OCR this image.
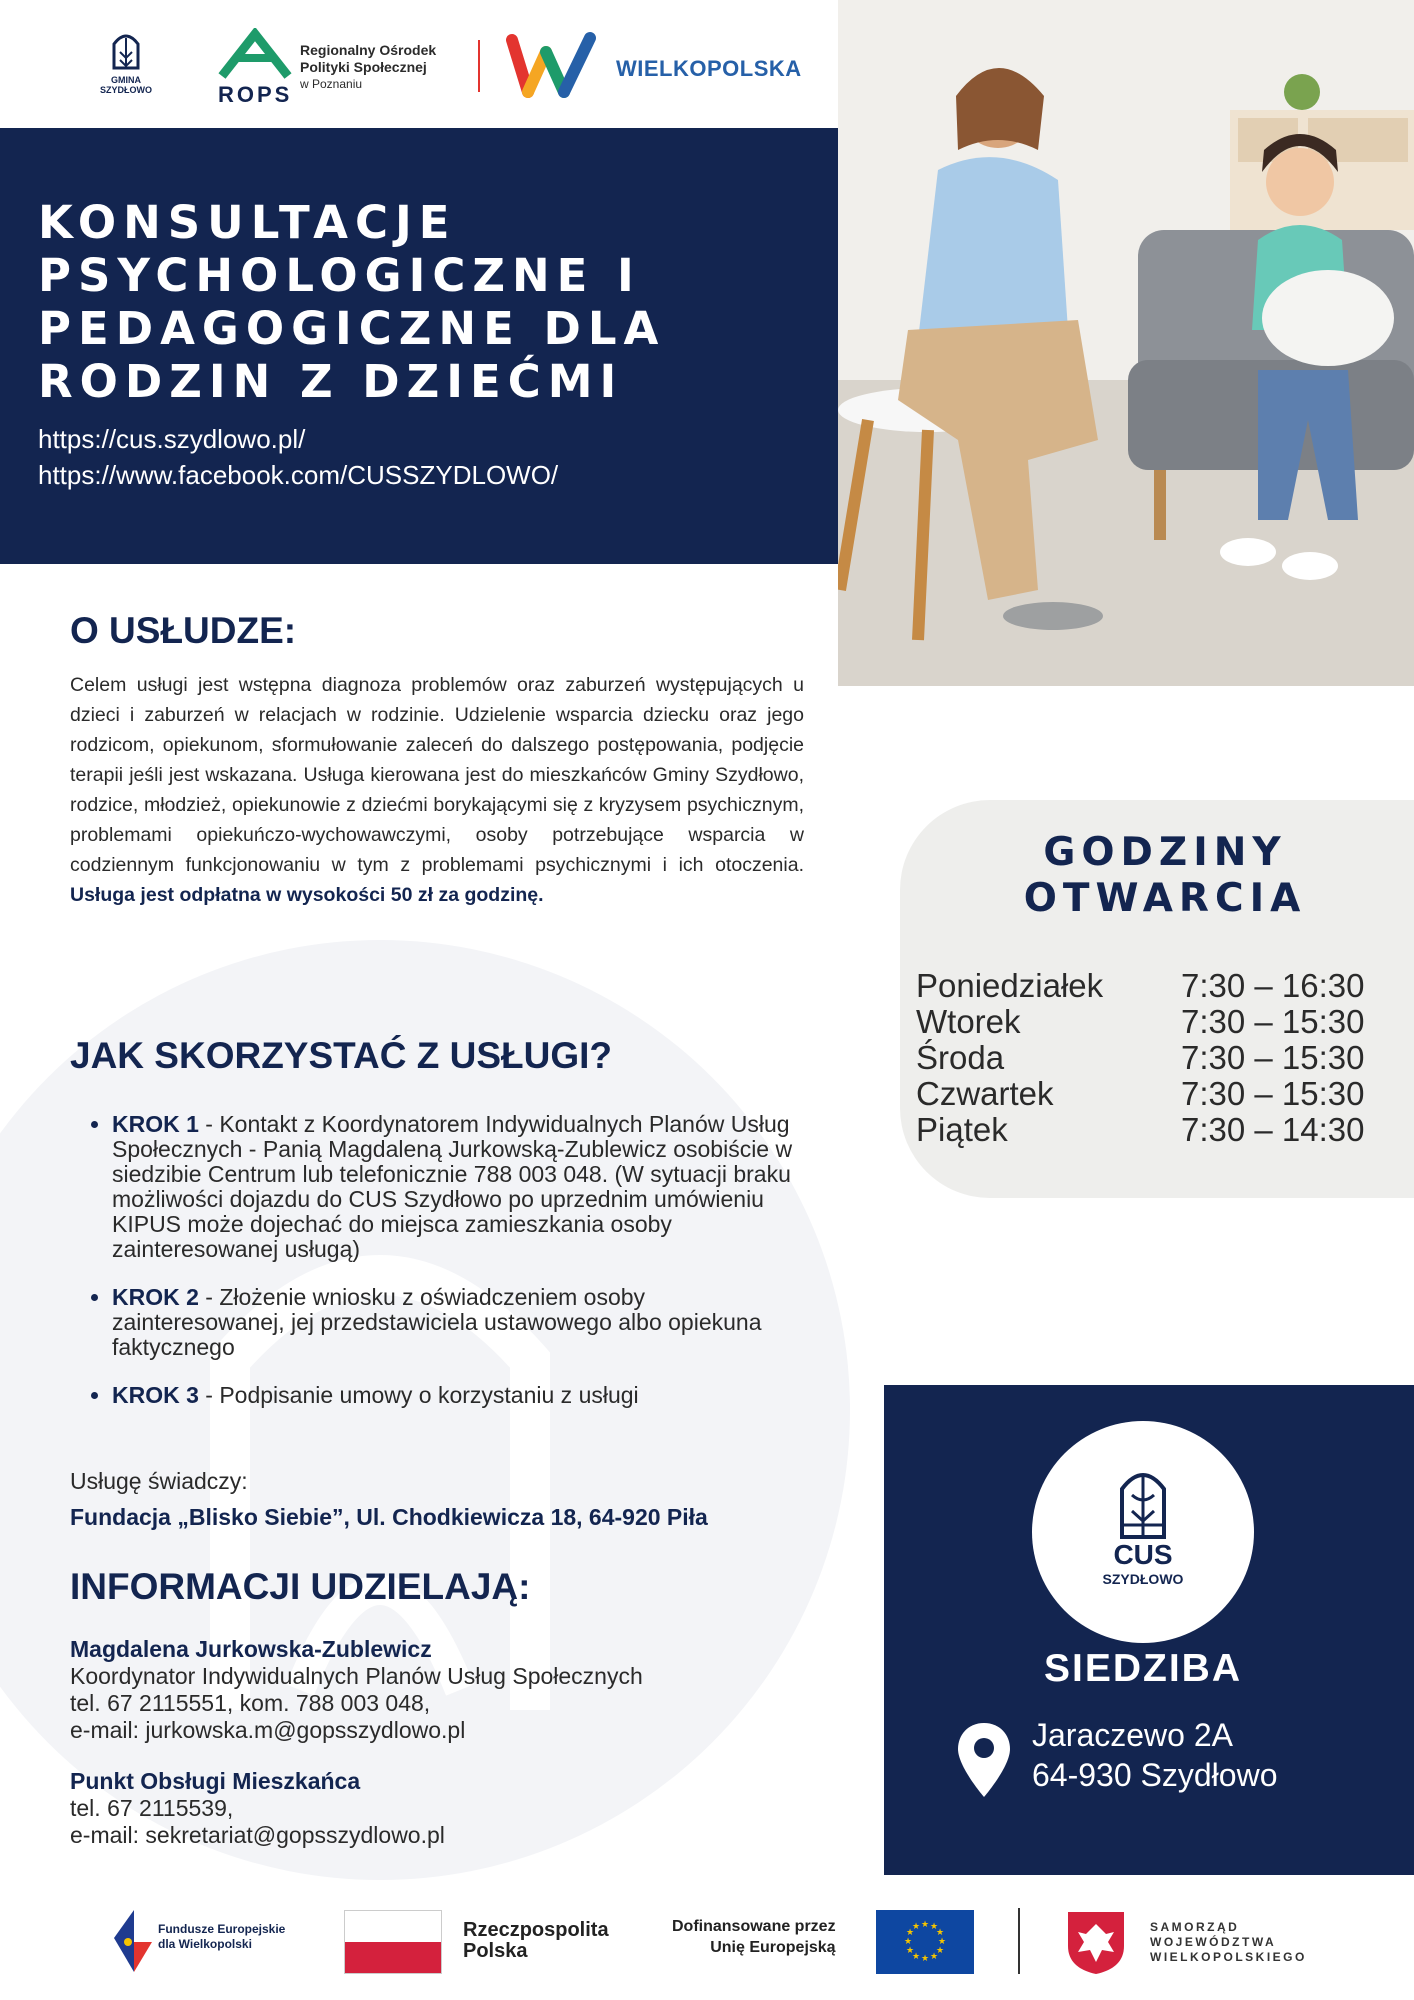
GMINA
SZYDŁOWO	ROPS
Regionalny Ośrodek
Polityki Społecznej
w Poznaniu
WIELKOPOLSKA
KONSULTACJE PSYCHOLOGICZNE I PEDAGOGICZNE DLA RODZIN Z DZIEĆMI
https://cus.szydlowo.pl/
https://www.facebook.com/CUSSZYDLOWO/
O USŁUDZE:
Celem usługi jest wstępna diagnoza problemów oraz zaburzeń występujących u dzieci i zaburzeń w relacjach w rodzinie. Udzielenie wsparcia dziecku oraz jego rodzicom, opiekunom, sformułowanie zaleceń do dalszego postępowania, podjęcie terapii jeśli jest wskazana. Usługa kierowana jest do mieszkańców Gminy Szydłowo, rodzice, młodzież, opiekunowie z dziećmi borykającymi się z kryzysem psychicznym, problemami opiekuńczo-wychowawczymi, osoby potrzebujące wsparcia w codziennym funkcjonowaniu w tym z problemami psychicznymi i ich otoczenia. Usługa jest odpłatna w wysokości 50 zł za godzinę.
JAK SKORZYSTAĆ Z USŁUGI?
• KROK 1 - Kontakt z Koordynatorem Indywidualnych Planów Usług Społecznych - Panią Magdaleną Jurkowską-Zublewicz osobiście w siedzibie Centrum lub telefonicznie 788 003 048. (W sytuacji braku możliwości dojazdu do CUS Szydłowo po uprzednim umówieniu KIPUS może dojechać do miejsca zamieszkania osoby zainteresowanej usługą)
• KROK 2 - Złożenie wniosku z oświadczeniem osoby zainteresowanej, jej przedstawiciela ustawowego albo opiekuna faktycznego
• KROK 3 - Podpisanie umowy o korzystaniu z usługi
Usługę świadczy:
Fundacja „Blisko Siebie”, Ul. Chodkiewicza 18, 64-920 Piła
INFORMACJI UDZIELAJĄ:
Magdalena Jurkowska-Zublewicz
Koordynator Indywidualnych Planów Usług Społecznych
tel. 67 2115551, kom. 788 003 048,
e-mail: jurkowska.m@gopsszydlowo.pl
Punkt Obsługi Mieszkańca
tel. 67 2115539,
e-mail: sekretariat@gopsszydlowo.pl
GODZINY OTWARCIA
Poniedziałek 7:30 – 16:30
Wtorek	7:30 – 15:30
Środa	7:30 – 15:30
Czwartek	7:30 – 15:30
Piątek	7:30 – 14:30
CUS
SZYDŁOWO
SIEDZIBA
Jaraczewo 2A
64-930 Szydłowo
Fundusze Europejskie
dla Wielkopolski
Rzeczpospolita
Polska
Dofinansowane przez
Unię Europejską
★ ★
★
★
★
★
★
★
★
★
★
★	SAMORZĄD
WOJEWÓDZTWA
WIELKOPOLSKIEGO
